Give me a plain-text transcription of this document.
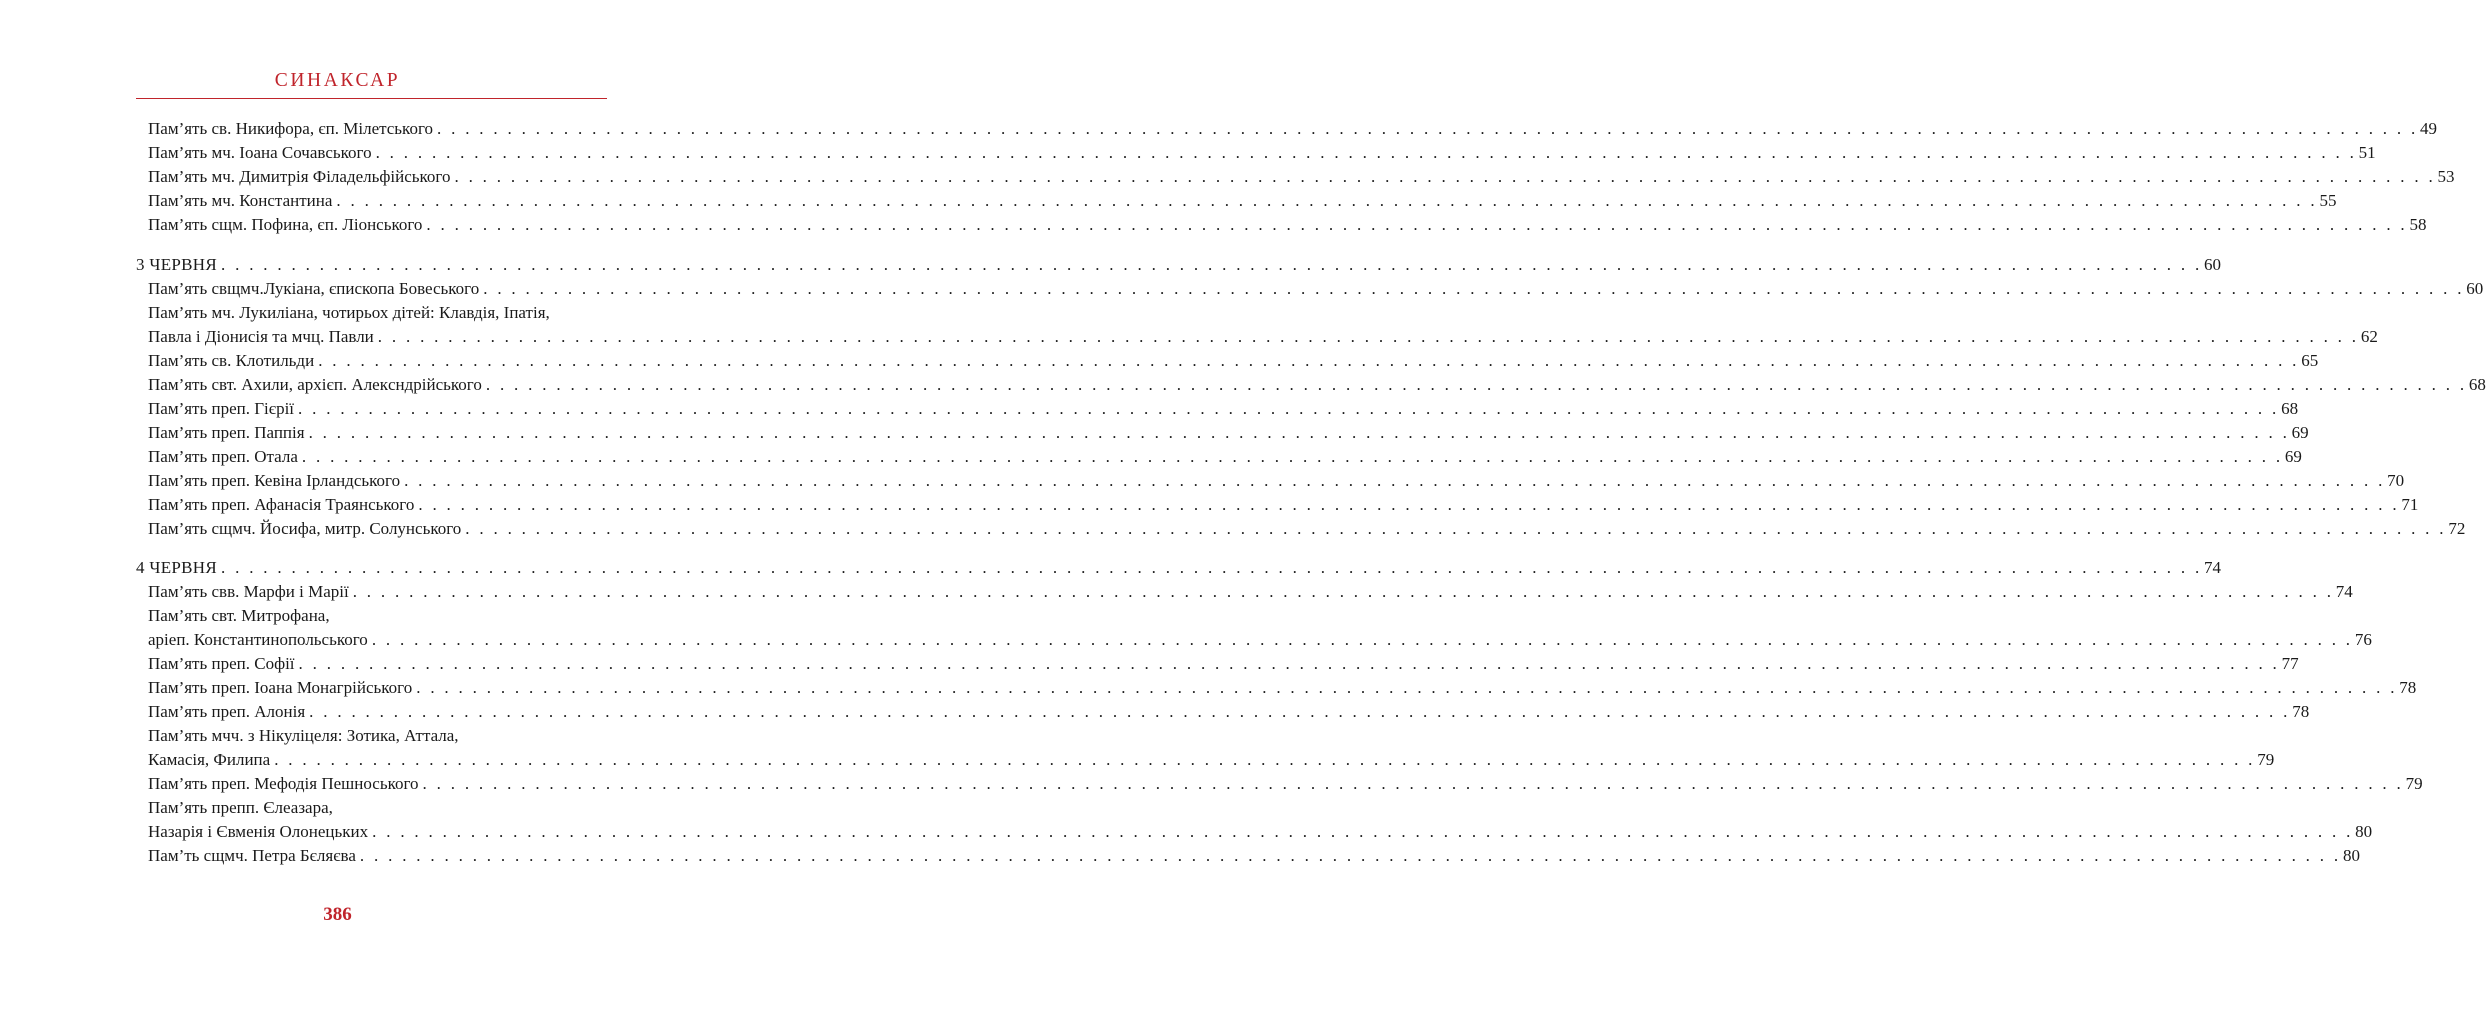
СИНАКСАР
Пам’ять св. Никифора, єп. Мілетського . . .	49
Пам’ять мч. Іоана Сочавського . . .	51
Пам’ять мч. Димитрія Філадельфійського . . .	53
Пам’ять мч. Константина . . .	55
Пам’ять сщм. Пофина, єп. Ліонського . . .	58
3 ЧЕРВНЯ . . .	60
Пам’ять свщмч.Лукіана, єпископа Бовеського . . .	60
Пам’ять мч. Лукиліана, чотирьох дітей: Клавдія, Іпатія,
Павла і Діонисія та мчц. Павли . . .	62
Пам’ять св. Клотильди . . .	65
Пам’ять свт. Ахили, архієп. Алекcндрійського . . .	68
Пам’ять преп. Гієрії . . .	68
Пам’ять преп. Паппія . . .	69
Пам’ять преп. Отала . . .	69
Пам’ять преп. Кевіна Ірландського . . .	70
Пам’ять преп. Афанасія Траянського . . .	71
Пам’ять сщмч. Йосифа, митр. Солунського . . .	72
4 ЧЕРВНЯ . . .	74
Пам’ять свв. Марфи і Марії . . .	74
Пам’ять свт. Митрофана,
аріеп. Константинопольського . . .	76
Пам’ять преп. Софії . . .	77
Пам’ять преп. Іоана Монагрійського . . .	78
Пам’ять преп. Алонія . . .	78
Пам’ять мчч. з Нікуліцеля: Зотика, Аттала,
Камасія, Филипа . . .	79
Пам’ять преп. Мефодія Пешноського . . .	79
Пам’ять препп. Єлеазара,
Назарія і Євменія Олонецьких . . .	80
Пам’ть сщмч. Петра Бєляєва . . .	80
386
